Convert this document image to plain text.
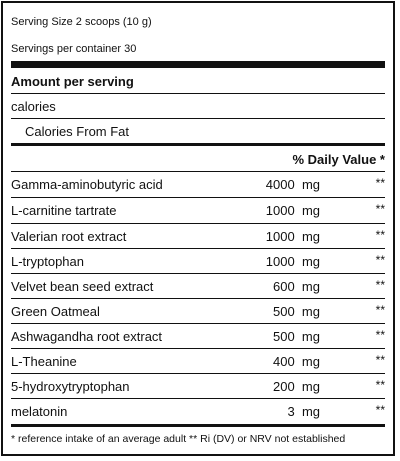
Serving Size 2 scoops (10 g)
Servings per container 30
Amount per serving
calories
Calories From Fat
% Daily Value *
Gamma-aminobutyric acid	4000  mg	**
L-carnitine tartrate	1000  mg	**
Valerian root extract	1000  mg	**
L-tryptophan	1000  mg	**
Velvet bean seed extract	600  mg	**
Green Oatmeal	500  mg	**
Ashwagandha root extract	500  mg	**
L-Theanine	400  mg	**
5-hydroxytryptophan	200  mg	**
melatonin	3  mg	**
* reference intake of an average adult ** Ri (DV) or NRV not established
